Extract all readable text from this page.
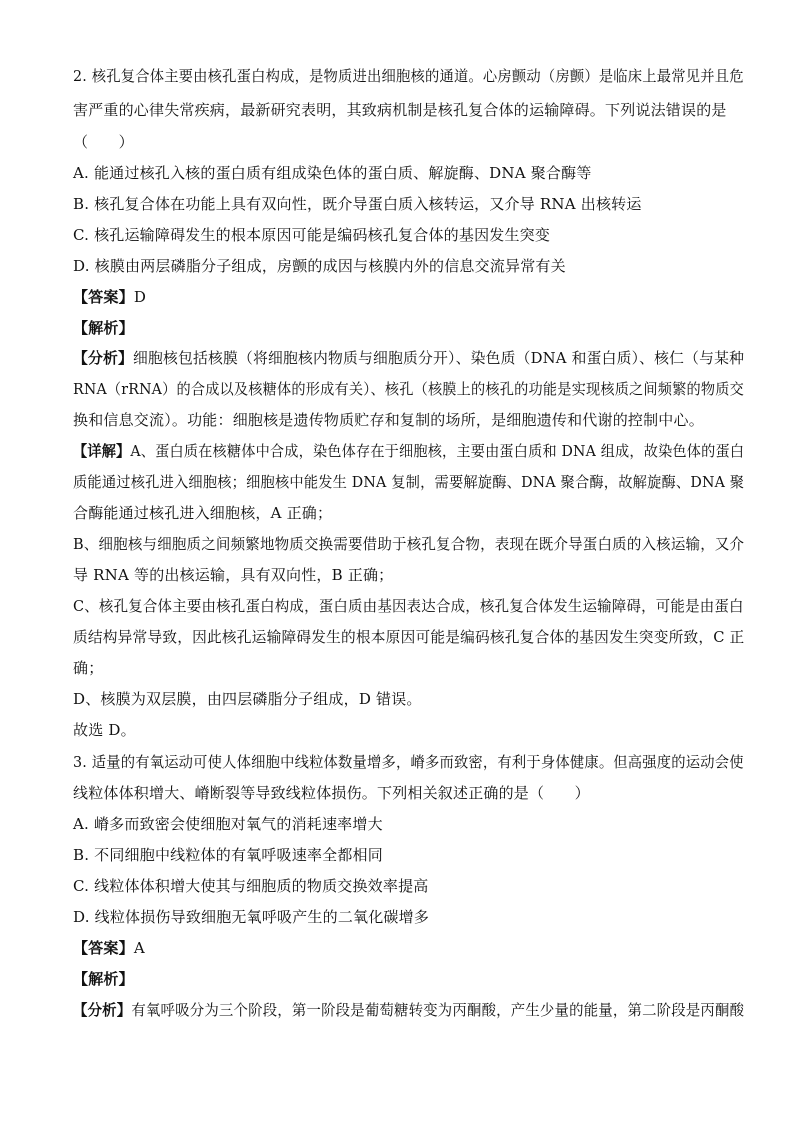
2. 核孔复合体主要由核孔蛋白构成，是物质进出细胞核的通道。心房颤动（房颤）是临床上最常见并且危
害严重的心律失常疾病，最新研究表明，其致病机制是核孔复合体的运输障碍。下列说法错误的是
（　　）
A. 能通过核孔入核的蛋白质有组成染色体的蛋白质、解旋酶、DNA 聚合酶等
B. 核孔复合体在功能上具有双向性，既介导蛋白质入核转运，又介导 RNA 出核转运
C. 核孔运输障碍发生的根本原因可能是编码核孔复合体的基因发生突变
D. 核膜由两层磷脂分子组成，房颤的成因与核膜内外的信息交流异常有关
【答案】D
【解析】
【分析】细胞核包括核膜（将细胞核内物质与细胞质分开）、染色质（DNA 和蛋白质）、核仁（与某种
RNA（rRNA）的合成以及核糖体的形成有关）、核孔（核膜上的核孔的功能是实现核质之间频繁的物质交
换和信息交流）。功能：细胞核是遗传物质贮存和复制的场所，是细胞遗传和代谢的控制中心。
【详解】A、蛋白质在核糖体中合成，染色体存在于细胞核，主要由蛋白质和 DNA 组成，故染色体的蛋白
质能通过核孔进入细胞核；细胞核中能发生 DNA 复制，需要解旋酶、DNA 聚合酶，故解旋酶、DNA 聚
合酶能通过核孔进入细胞核，A 正确；
B、细胞核与细胞质之间频繁地物质交换需要借助于核孔复合物，表现在既介导蛋白质的入核运输，又介
导 RNA 等的出核运输，具有双向性，B 正确；
C、核孔复合体主要由核孔蛋白构成，蛋白质由基因表达合成，核孔复合体发生运输障碍，可能是由蛋白
质结构异常导致，因此核孔运输障碍发生的根本原因可能是编码核孔复合体的基因发生突变所致，C 正
确；
D、核膜为双层膜，由四层磷脂分子组成，D 错误。
故选 D。
3. 适量的有氧运动可使人体细胞中线粒体数量增多，嵴多而致密，有利于身体健康。但高强度的运动会使
线粒体体积增大、嵴断裂等导致线粒体损伤。下列相关叙述正确的是（　　）
A. 嵴多而致密会使细胞对氧气的消耗速率增大
B. 不同细胞中线粒体的有氧呼吸速率全都相同
C. 线粒体体积增大使其与细胞质的物质交换效率提高
D. 线粒体损伤导致细胞无氧呼吸产生的二氧化碳增多
【答案】A
【解析】
【分析】有氧呼吸分为三个阶段，第一阶段是葡萄糖转变为丙酮酸，产生少量的能量，第二阶段是丙酮酸
